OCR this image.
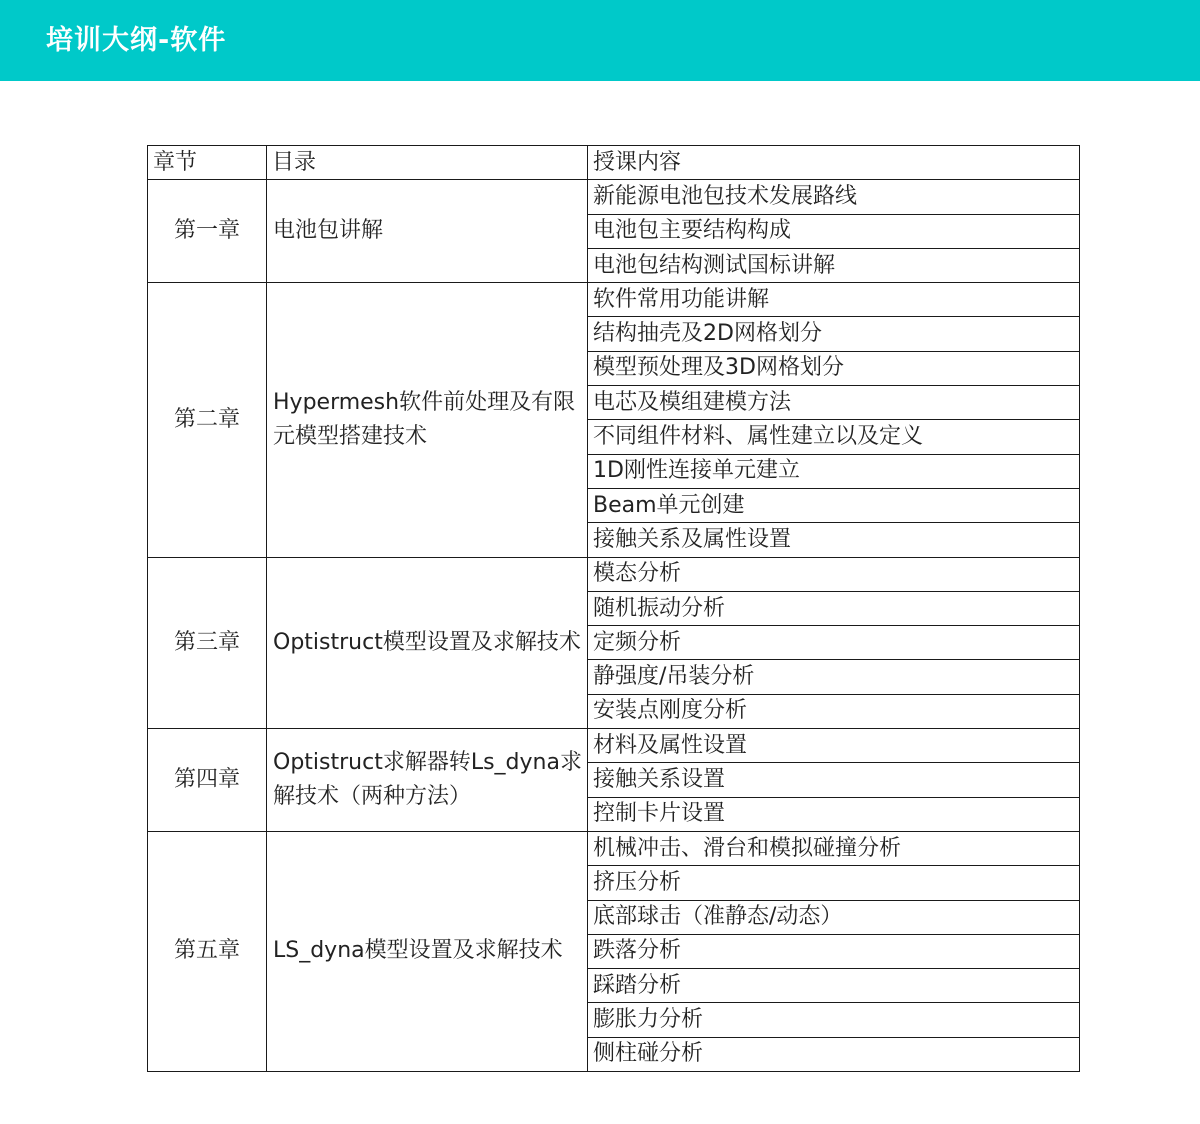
培训大纲-软件
章节	目录	授课内容
第一章	电池包讲解	新能源电池包技术发展路线
		电池包主要结构构成
		电池包结构测试国标讲解
第二章	Hypermesh软件前处理及有限元模型搭建技术	软件常用功能讲解
		结构抽壳及2D网格划分
		模型预处理及3D网格划分
		电芯及模组建模方法
		不同组件材料、属性建立以及定义
		1D刚性连接单元建立
		Beam单元创建
		接触关系及属性设置
第三章	Optistruct模型设置及求解技术	模态分析
		随机振动分析
		定频分析
		静强度/吊装分析
		安装点刚度分析
第四章	Optistruct求解器转Ls_dyna求解技术（两种方法）	材料及属性设置
		接触关系设置
		控制卡片设置
第五章	LS_dyna模型设置及求解技术	机械冲击、滑台和模拟碰撞分析
		挤压分析
		底部球击（准静态/动态）
		跌落分析
		踩踏分析
		膨胀力分析
		侧柱碰分析
